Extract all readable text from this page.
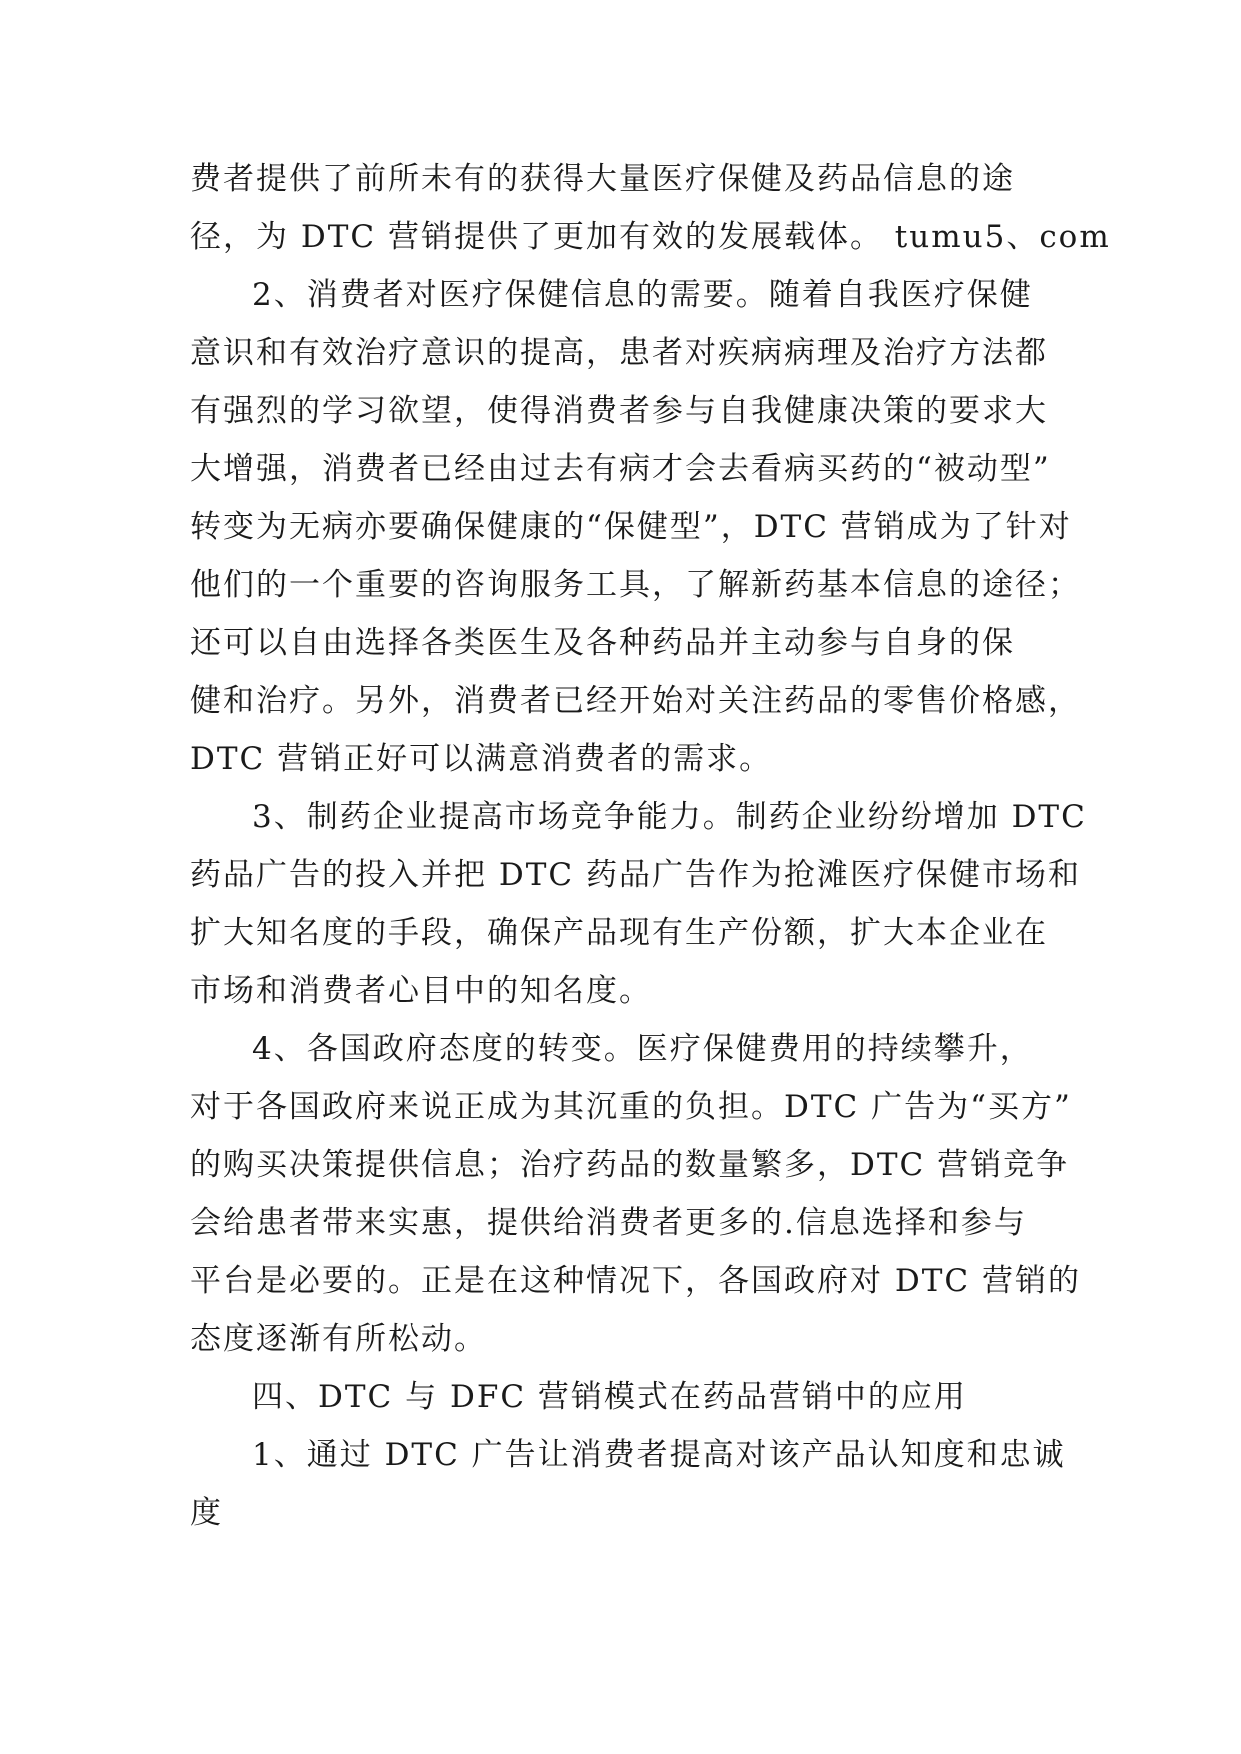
费者提供了前所未有的获得大量医疗保健及药品信息的途
径，为 DTC 营销提供了更加有效的发展载体。 tumu5、com
2、消费者对医疗保健信息的需要。随着自我医疗保健
意识和有效治疗意识的提高，患者对疾病病理及治疗方法都
有强烈的学习欲望，使得消费者参与自我健康决策的要求大
大增强，消费者已经由过去有病才会去看病买药的“被动型”
转变为无病亦要确保健康的“保健型”，DTC 营销成为了针对
他们的一个重要的咨询服务工具，了解新药基本信息的途径；
还可以自由选择各类医生及各种药品并主动参与自身的保
健和治疗。另外，消费者已经开始对关注药品的零售价格感，
DTC 营销正好可以满意消费者的需求。
3、制药企业提高市场竞争能力。制药企业纷纷增加 DTC
药品广告的投入并把 DTC 药品广告作为抢滩医疗保健市场和
扩大知名度的手段，确保产品现有生产份额，扩大本企业在
市场和消费者心目中的知名度。
4、各国政府态度的转变。医疗保健费用的持续攀升，
对于各国政府来说正成为其沉重的负担。DTC 广告为“买方”
的购买决策提供信息；治疗药品的数量繁多，DTC 营销竞争
会给患者带来实惠，提供给消费者更多的.信息选择和参与
平台是必要的。正是在这种情况下，各国政府对 DTC 营销的
态度逐渐有所松动。
四、DTC 与 DFC 营销模式在药品营销中的应用
1、通过 DTC 广告让消费者提高对该产品认知度和忠诚
度
